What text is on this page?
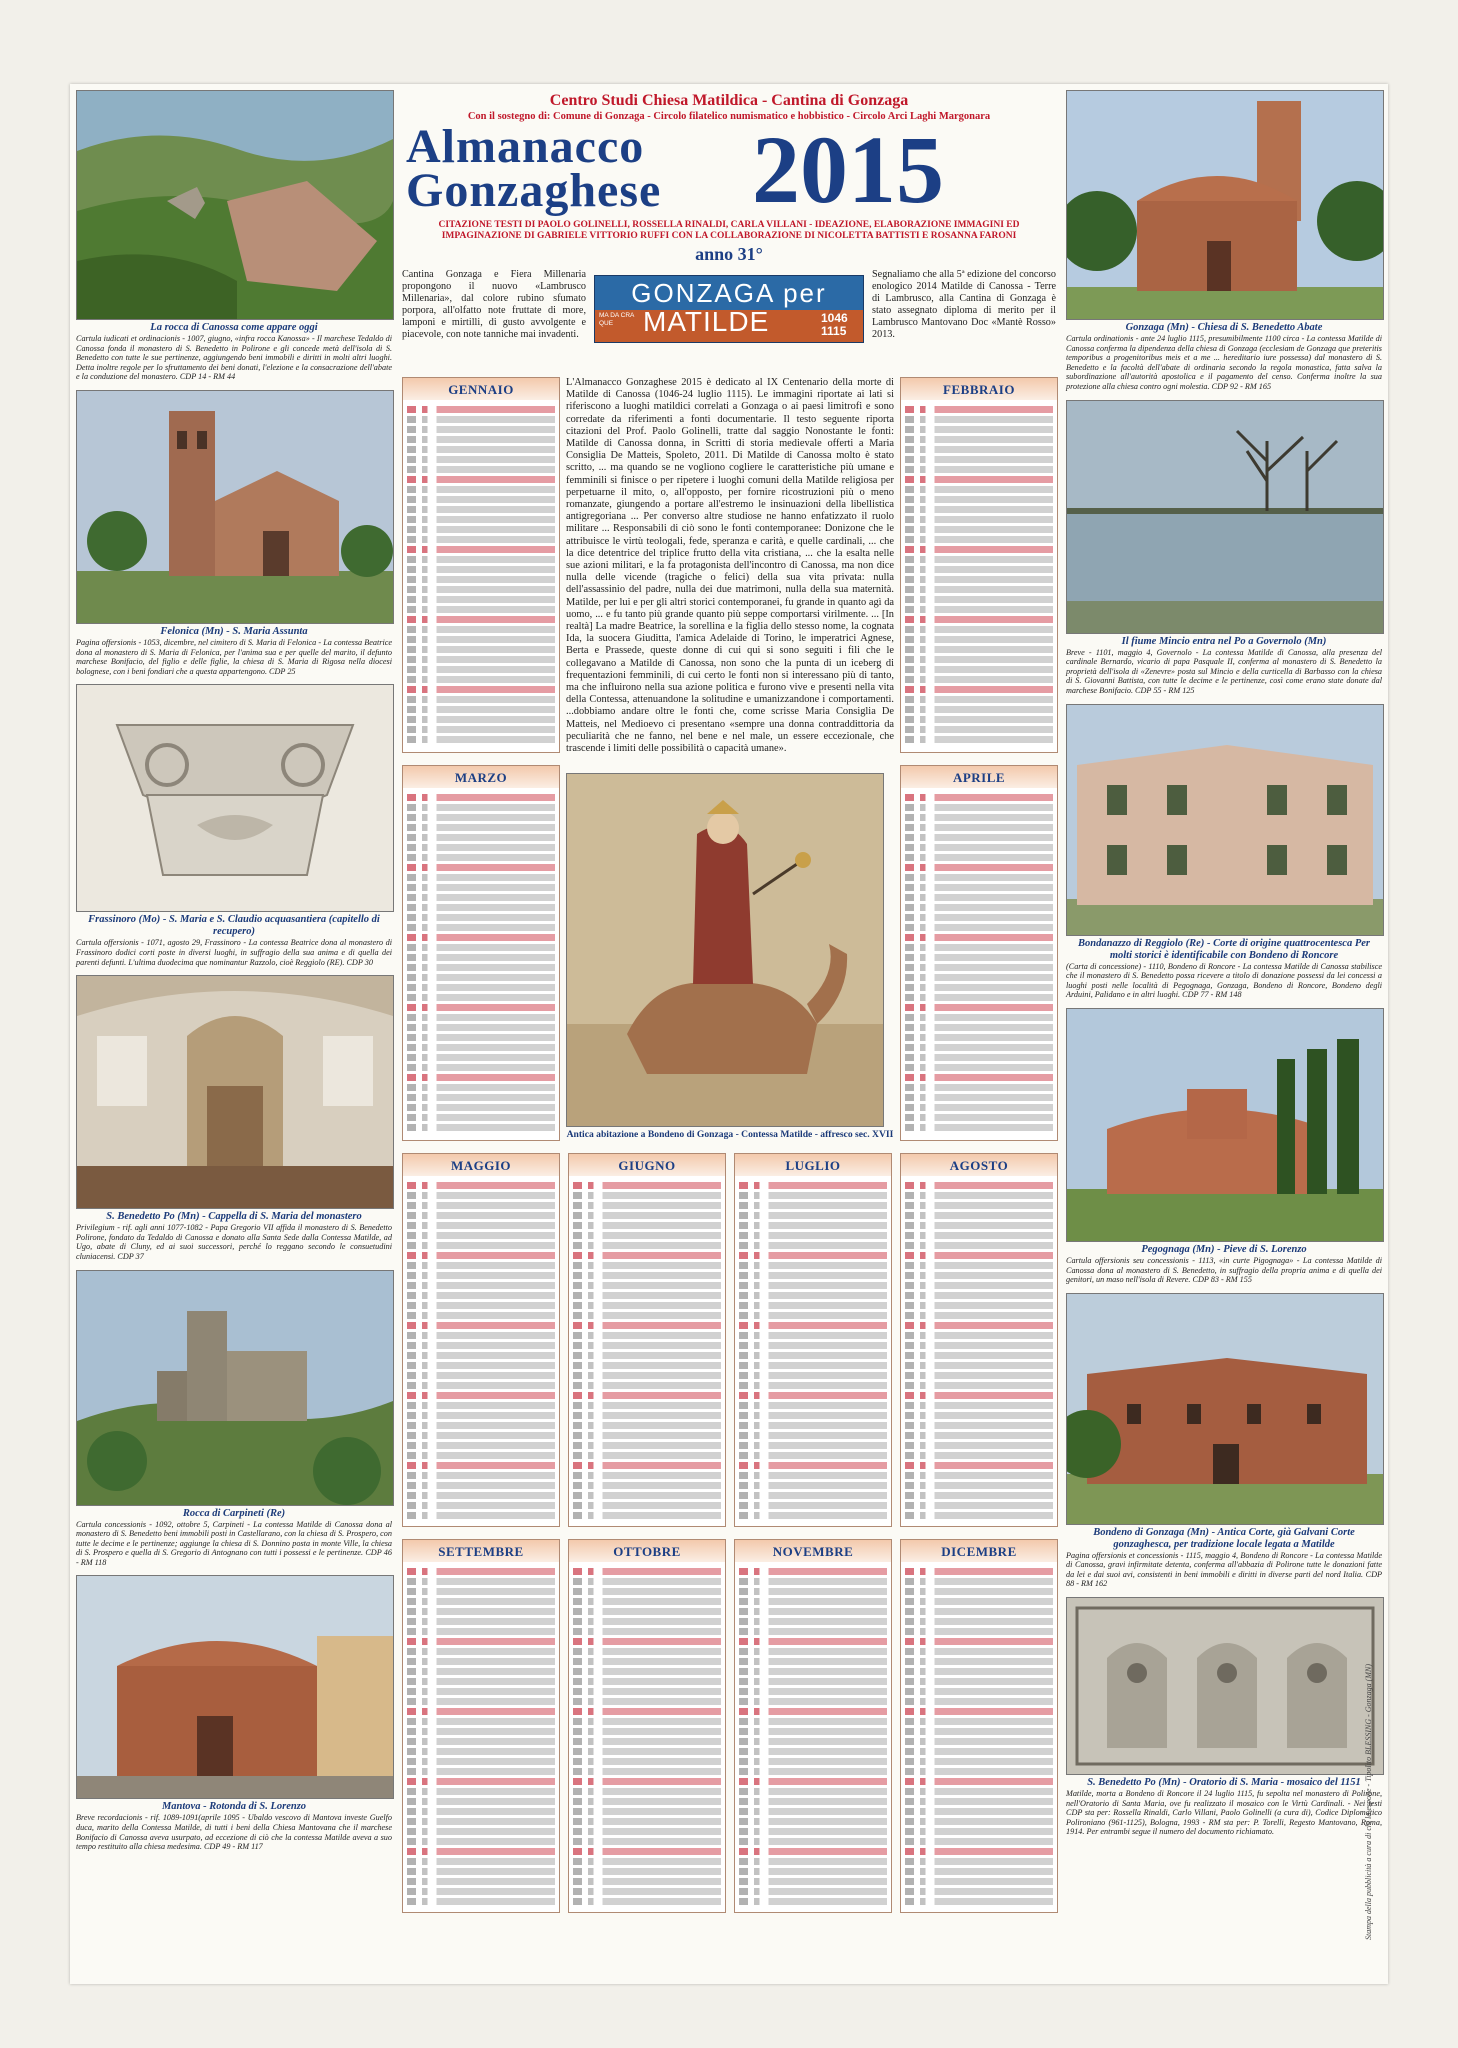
La rocca di Canossa come appare oggi
Cartula iudicati et ordinacionis - 1007, giugno, «infra rocca Kanossa» - Il marchese Tedaldo di Canossa fonda il monastero di S. Benedetto in Polirone e gli concede metà dell'isola di S. Benedetto con tutte le sue pertinenze, aggiungendo beni immobili e diritti in molti altri luoghi. Detta inoltre regole per lo sfruttamento dei beni donati, l'elezione e la consacrazione dell'abate e la conduzione del monastero. CDP 14 - RM 44
Felonica (Mn) - S. Maria Assunta
Pagina offersionis - 1053, dicembre, nel cimitero di S. Maria di Felonica - La contessa Beatrice dona al monastero di S. Maria di Felonica, per l'anima sua e per quelle del marito, il defunto marchese Bonifacio, del figlio e delle figlie, la chiesa di S. Maria di Rigosa nella diocesi bolognese, con i beni fondiari che a questa appartengono. CDP 25
Frassinoro (Mo) - S. Maria e S. Claudio acquasantiera (capitello di recupero)
Cartula offersionis - 1071, agosto 29, Frassinoro - La contessa Beatrice dona al monastero di Frassinoro dodici corti poste in diversi luoghi, in suffragio della sua anima e di quella dei parenti defunti. L'ultima duodecima que nominantur Razzolo, cioè Reggiolo (RE). CDP 30
S. Benedetto Po (Mn) - Cappella di S. Maria del monastero
Privilegium - rif. agli anni 1077-1082 - Papa Gregorio VII affida il monastero di S. Benedetto Polirone, fondato da Tedaldo di Canossa e donato alla Santa Sede dalla Contessa Matilde, ad Ugo, abate di Cluny, ed ai suoi successori, perché lo reggano secondo le consuetudini cluniacensi. CDP 37
Rocca di Carpineti (Re)
Cartula concessionis - 1092, ottobre 5, Carpineti - La contessa Matilde di Canossa dona al monastero di S. Benedetto beni immobili posti in Castellarano, con la chiesa di S. Prospero, con tutte le decime e le pertinenze; aggiunge la chiesa di S. Donnino posta in monte Ville, la chiesa di S. Prospero e quella di S. Gregorio di Antognano con tutti i possessi e le pertinenze. CDP 46 - RM 118
Mantova - Rotonda di S. Lorenzo
Breve recordacionis - rif. 1089-1091(aprile 1095 - Ubaldo vescovo di Mantova investe Guelfo duca, marito della Contessa Matilde, di tutti i beni della Chiesa Mantovana che il marchese Bonifacio di Canossa aveva usurpato, ad eccezione di ciò che la contessa Matilde aveva a suo tempo restituito alla chiesa medesima. CDP 49 - RM 117
Centro Studi Chiesa Matildica - Cantina di Gonzaga
Con il sostegno di: Comune di Gonzaga - Circolo filatelico numismatico e hobbistico - Circolo Arci Laghi Margonara
Almanacco
Gonzaghese 2015
CITAZIONE TESTI DI PAOLO GOLINELLI, ROSSELLA RINALDI, CARLA VILLANI - IDEAZIONE, ELABORAZIONE IMMAGINI ED IMPAGINAZIONE DI GABRIELE VITTORIO RUFFI CON LA COLLABORAZIONE DI NICOLETTA BATTISTI E ROSANNA FARONI
anno 31°
Cantina Gonzaga e Fiera Millenaria propongono il nuovo «Lambrusco Millenaria», dal colore rubino sfumato porpora, all'olfatto note fruttate di more, lamponi e mirtilli, di gusto avvolgente e piacevole, con note tanniche mai invadenti.
GONZAGA per
MA DA CRA QUE	MATILDE	1046 1115
Segnaliamo che alla 5ª edizione del concorso enologico 2014 Matilde di Canossa - Terre di Lambrusco, alla Cantina di Gonzaga è stato assegnato diploma di merito per il Lambrusco Mantovano Doc «Mantè Rosso» 2013.
GENNAIO	FEBBRAIO
MARZO	APRILE
L'Almanacco Gonzaghese 2015 è dedicato al IX Centenario della morte di Matilde di Canossa (1046-24 luglio 1115). Le immagini riportate ai lati si riferiscono a luoghi matildici correlati a Gonzaga o ai paesi limitrofi e sono corredate da riferimenti a fonti documentarie. Il testo seguente riporta citazioni del Prof. Paolo Golinelli, tratte dal saggio Nonostante le fonti: Matilde di Canossa donna, in Scritti di storia medievale offerti a Maria Consiglia De Matteis, Spoleto, 2011. Di Matilde di Canossa molto è stato scritto, ... ma quando se ne vogliono cogliere le caratteristiche più umane e femminili si finisce o per ripetere i luoghi comuni della Matilde religiosa per perpetuarne il mito, o, all'opposto, per fornire ricostruzioni più o meno romanzate, giungendo a portare all'estremo le insinuazioni della libellistica antigregoriana ... Per converso altre studiose ne hanno enfatizzato il ruolo militare ... Responsabili di ciò sono le fonti contemporanee: Donizone che le attribuisce le virtù teologali, fede, speranza e carità, e quelle cardinali, ... che la dice detentrice del triplice frutto della vita cristiana, ... che la esalta nelle sue azioni militari, e la fa protagonista dell'incontro di Canossa, ma non dice nulla delle vicende (tragiche o felici) della sua vita privata: nulla dell'assassinio del padre, nulla dei due matrimoni, nulla della sua maternità. Matilde, per lui e per gli altri storici contemporanei, fu grande in quanto agì da uomo, ... e fu tanto più grande quanto più seppe comportarsi virilmente. ... [In realtà] La madre Beatrice, la sorellina e la figlia dello stesso nome, la cognata Ida, la suocera Giuditta, l'amica Adelaide di Torino, le imperatrici Agnese, Berta e Prassede, queste donne di cui qui si sono seguiti i fili che le collegavano a Matilde di Canossa, non sono che la punta di un iceberg di frequentazioni femminili, di cui certo le fonti non si interessano più di tanto, ma che influirono nella sua azione politica e furono vive e presenti nella vita della Contessa, attenuandone la solitudine e umanizzandone i comportamenti. ...dobbiamo andare oltre le fonti che, come scrisse Maria Consiglia De Matteis, nel Medioevo ci presentano «sempre una donna contraddittoria da peculiarità che ne fanno, nel bene e nel male, un essere eccezionale, che trascende i limiti delle possibilità o capacità umane».
Antica abitazione a Bondeno di Gonzaga - Contessa Matilde - affresco sec. XVII
MAGGIO	GIUGNO	LUGLIO	AGOSTO
SETTEMBRE	OTTOBRE	NOVEMBRE	DICEMBRE
Gonzaga (Mn) - Chiesa di S. Benedetto Abate
Cartula ordinationis - ante 24 luglio 1115, presumibilmente 1100 circa - La contessa Matilde di Canossa conferma la dipendenza della chiesa di Gonzaga (ecclesiam de Gonzaga que preteritis temporibus a progenitoribus meis et a me ... hereditario iure possessa) dal monastero di S. Benedetto e la facoltà dell'abate di ordinaria secondo la regola monastica, fatta salva la subordinazione all'autorità apostolica e il pagamento del censo. Conferma inoltre la sua protezione alla chiesa contro ogni molestia. CDP 92 - RM 165
Il fiume Mincio entra nel Po a Governolo (Mn)
Breve - 1101, maggio 4, Governolo - La contessa Matilde di Canossa, alla presenza del cardinale Bernardo, vicario di papa Pasquale II, conferma al monastero di S. Benedetto la proprietà dell'isola di «Zenevre» posta sul Mincio e della curticella di Barbasso con la chiesa di S. Giovanni Battista, con tutte le decime e le pertinenze, così come erano state donate dal marchese Bonifacio. CDP 55 - RM 125
Bondanazzo di Reggiolo (Re) - Corte di origine quattrocentesca Per molti storici è identificabile con Bondeno di Roncore
(Carta di concessione) - 1110, Bondeno di Roncore - La contessa Matilde di Canossa stabilisce che il monastero di S. Benedetto possa ricevere a titolo di donazione possessi da lei concessi a luoghi posti nelle località di Pegognaga, Gonzaga, Bondeno di Roncore, Bondeno degli Arduini, Palidano e in altri luoghi. CDP 77 - RM 148
Pegognaga (Mn) - Pieve di S. Lorenzo
Cartula offersionis seu concessionis - 1113, «in curte Pigognaga» - La contessa Matilde di Canossa dona al monastero di S. Benedetto, in suffragio della propria anima e di quella dei genitori, un maso nell'isola di Revere. CDP 83 - RM 155
Bondeno di Gonzaga (Mn) - Antica Corte, già Galvani Corte gonzaghesca, per tradizione locale legata a Matilde
Pagina offersionis et concessionis - 1115, maggio 4, Bondeno di Roncore - La contessa Matilde di Canossa, gravi infirmitate detenta, conferma all'abbazia di Polirone tutte le donazioni fatte da lei e dai suoi avi, consistenti in beni immobili e diritti in diverse parti del nord Italia. CDP 88 - RM 162
S. Benedetto Po (Mn) - Oratorio di S. Maria - mosaico del 1151
Matilde, morta a Bondeno di Roncore il 24 luglio 1115, fu sepolta nel monastero di Polirone, nell'Oratorio di Santa Maria, ove fu realizzato il mosaico con le Virtù Cardinali. - Nei testi CDP sta per: Rossella Rinaldi, Carlo Villani, Paolo Golinelli (a cura di), Codice Diplomatico Polironiano (961-1125), Bologna, 1993 - RM sta per: P. Torelli, Regesto Mantovano, Roma, 1914. Per entrambi segue il numero del documento richiamato.	Stampa della pubblicità a cura di chi la espone - Tipolito BLESSING - Gonzaga (MN)
